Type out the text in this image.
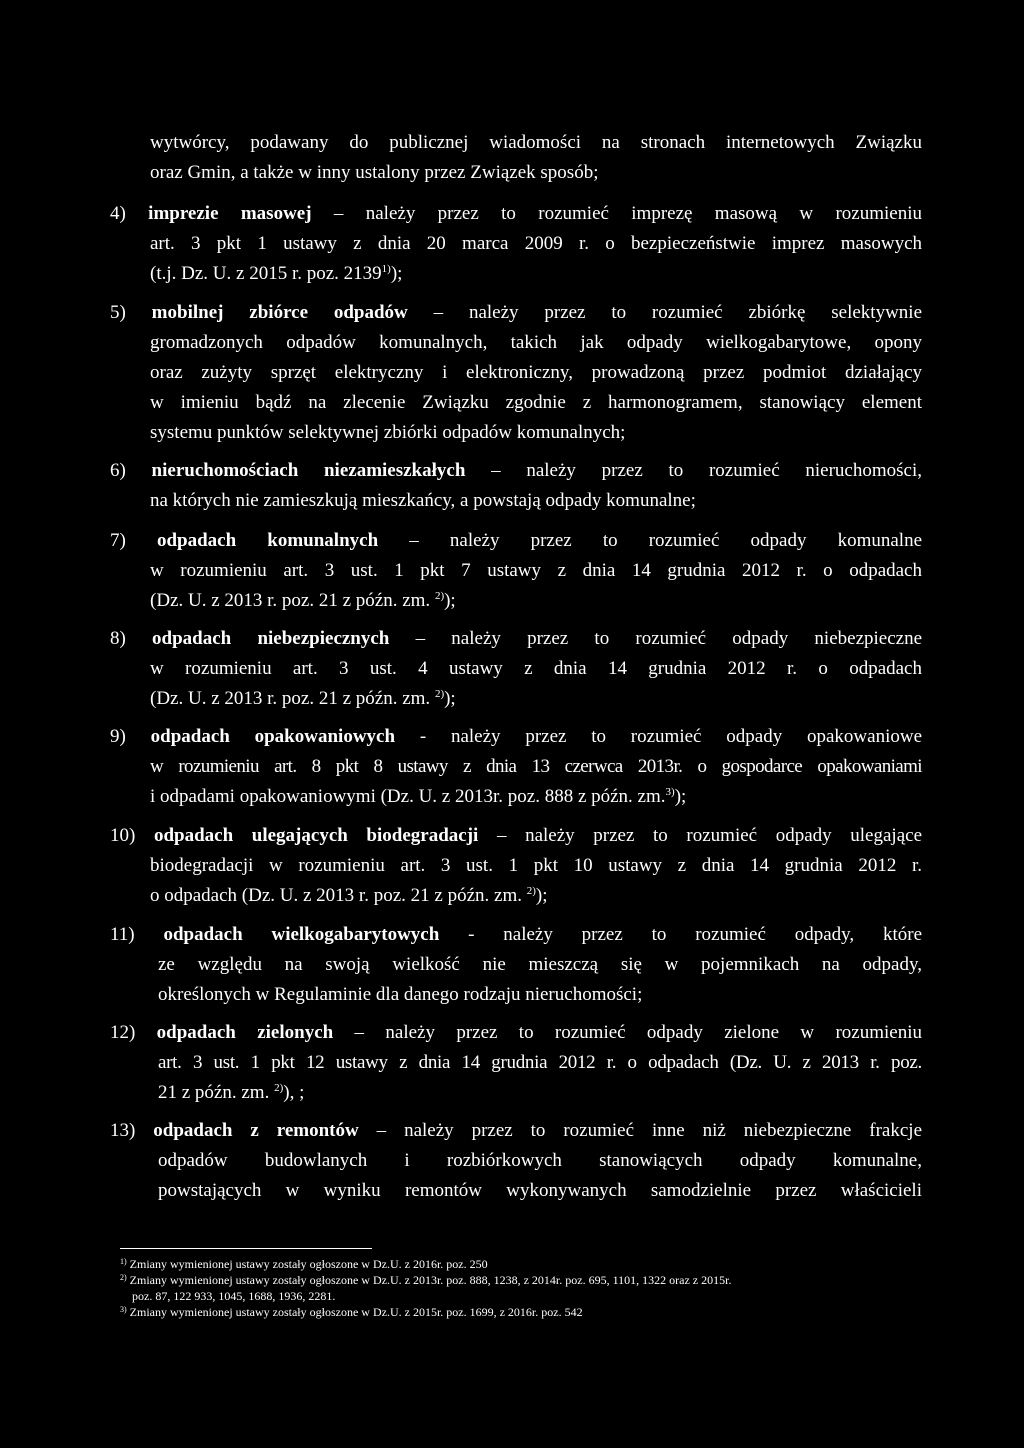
wytwórcy, podawany do publicznej wiadomości na stronach internetowych Związku
oraz Gmin, a także w inny ustalony przez Związek sposób;
4) imprezie masowej – należy przez to rozumieć imprezę masową w rozumieniu
art. 3 pkt 1 ustawy z dnia 20 marca 2009 r. o bezpieczeństwie imprez masowych
(t.j. Dz. U. z 2015 r. poz. 2139$^{1)}$);
5) mobilnej zbiórce odpadów – należy przez to rozumieć zbiórkę selektywnie
gromadzonych odpadów komunalnych, takich jak odpady wielkogabarytowe, opony
oraz zużyty sprzęt elektryczny i elektroniczny, prowadzoną przez podmiot działający
w imieniu bądź na zlecenie Związku zgodnie z harmonogramem, stanowiący element
systemu punktów selektywnej zbiórki odpadów komunalnych;
6) nieruchomościach niezamieszkałych – należy przez to rozumieć nieruchomości,
na których nie zamieszkują mieszkańcy, a powstają odpady komunalne;
7) odpadach komunalnych – należy przez to rozumieć odpady komunalne
w rozumieniu art. 3 ust. 1 pkt 7 ustawy z dnia 14 grudnia 2012 r. o odpadach
(Dz. U. z 2013 r. poz. 21 z późn. zm. $^{2)}$);
8) odpadach niebezpiecznych – należy przez to rozumieć odpady niebezpieczne
w rozumieniu art. 3 ust. 4 ustawy z dnia 14 grudnia 2012 r. o odpadach
(Dz. U. z 2013 r. poz. 21 z późn. zm. $^{2)}$);
9) odpadach opakowaniowych - należy przez to rozumieć odpady opakowaniowe
w rozumieniu art. 8 pkt 8 ustawy z dnia 13 czerwca 2013r. o gospodarce opakowaniami
i odpadami opakowaniowymi (Dz. U. z 2013r. poz. 888 z późn. zm.$^{3)}$);
10) odpadach ulegających biodegradacji – należy przez to rozumieć odpady ulegające
biodegradacji w rozumieniu art. 3 ust. 1 pkt 10 ustawy z dnia 14 grudnia 2012 r.
o odpadach (Dz. U. z 2013 r. poz. 21 z późn. zm. $^{2)}$);
11) odpadach wielkogabarytowych - należy przez to rozumieć odpady, które
ze względu na swoją wielkość nie mieszczą się w pojemnikach na odpady,
określonych w Regulaminie dla danego rodzaju nieruchomości;
12) odpadach zielonych – należy przez to rozumieć odpady zielone w rozumieniu
art. 3 ust. 1 pkt 12 ustawy z dnia 14 grudnia 2012 r. o odpadach (Dz. U. z 2013 r. poz.
21 z późn. zm. $^{2)}$), ;
13) odpadach z remontów – należy przez to rozumieć inne niż niebezpieczne frakcje
odpadów budowlanych i rozbiórkowych stanowiących odpady komunalne,
powstających w wyniku remontów wykonywanych samodzielnie przez właścicieli
$^{1)}$ Zmiany wymienionej ustawy zostały ogłoszone w Dz.U. z 2016r. poz. 250
$^{2)}$ Zmiany wymienionej ustawy zostały ogłoszone w Dz.U. z 2013r. poz. 888, 1238, z 2014r. poz. 695, 1101, 1322 oraz z 2015r.
poz. 87, 122 933, 1045, 1688, 1936, 2281.
$^{3)}$ Zmiany wymienionej ustawy zostały ogłoszone w Dz.U. z 2015r. poz. 1699, z 2016r. poz. 542
